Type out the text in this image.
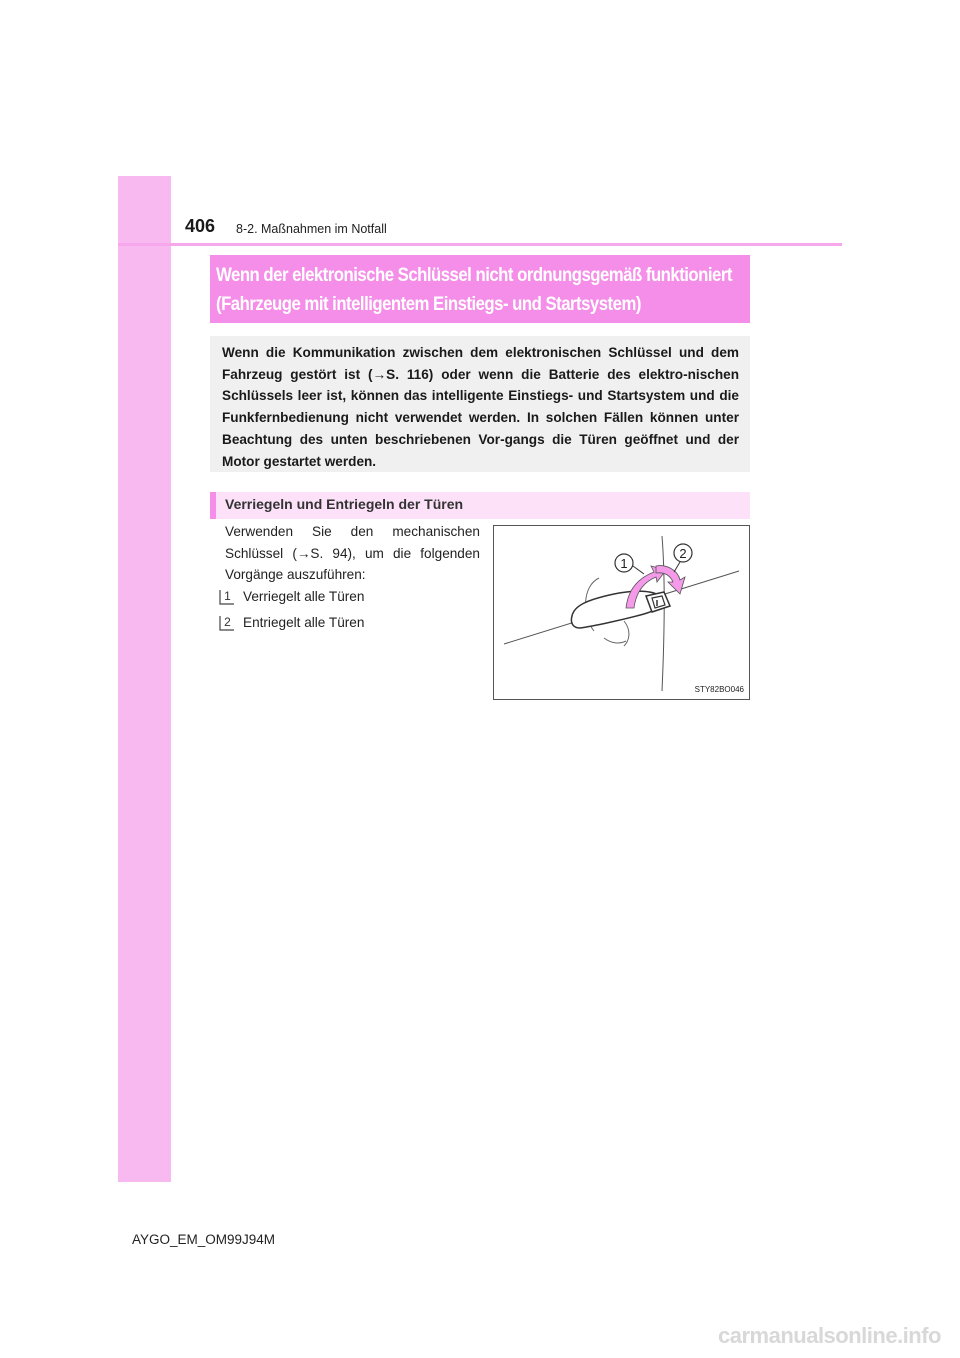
406 8-2. Maßnahmen im Notfall
Wenn der elektronische Schlüssel nicht ordnungsgemäß funktioniert
(Fahrzeuge mit intelligentem Einstiegs- und Startsystem)
Wenn die Kommunikation zwischen dem elektronischen Schlüssel und dem Fahrzeug gestört ist (→S. 116) oder wenn die Batterie des elektro-nischen Schlüssels leer ist, können das intelligente Einstiegs- und Startsystem und die Funkfernbedienung nicht verwendet werden. In solchen Fällen können unter Beachtung des unten beschriebenen Vor-gangs die Türen geöffnet und der Motor gestartet werden.
Verriegeln und Entriegeln der Türen
Verwenden Sie den mechanischen Schlüssel (→S. 94), um die folgenden Vorgänge auszuführen:
1 Verriegelt alle Türen
2 Entriegelt alle Türen
1
2
STY82BO046
AYGO_EM_OM99J94M
carmanualsonline.info
